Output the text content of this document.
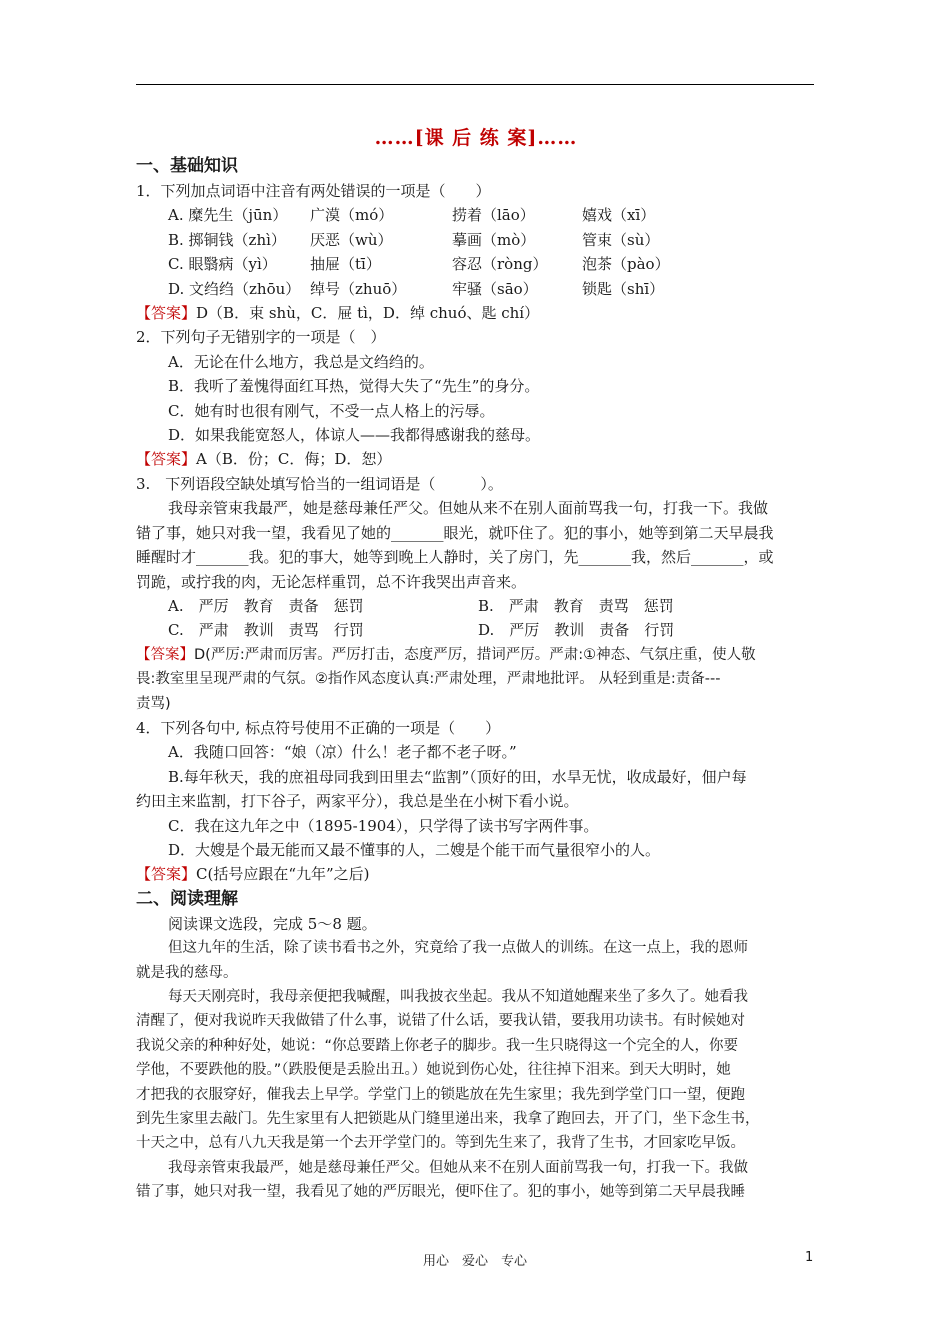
……[课 后 练 案]……
一、基础知识
1．下列加点词语中注音有两处错误的一项是（　　）
A. 糜先生（jūn） 广漠（mó）	捞着（lāo）	嬉戏（xī）
B. 掷铜钱（zhì） 厌恶（wù）	摹画（mò）	管束（sù）
C. 眼翳病（yì） 抽屉（tī）	容忍（ròng） 泡茶（pào）
D. 文绉绉（zhōu） 绰号（zhuō）	牢骚（sāo）	锁匙（shī）
【答案】D（B．束 shù，C．屉 tì，D．绰 chuó、匙 chí）
2．下列句子无错别字的一项是（　）
A．无论在什么地方，我总是文绉绉的。
B．我听了羞愧得面红耳热，觉得大失了“先生”的身分。
C．她有时也很有刚气，不受一点人格上的污辱。
D．如果我能宽怒人，体谅人——我都得感谢我的慈母。
【答案】A（B．份；C．侮；D．恕）
3.　下列语段空缺处填写恰当的一组词语是（　　　）。
我母亲管束我最严，她是慈母兼任严父。但她从来不在别人面前骂我一句，打我一下。我做
错了事，她只对我一望，我看见了她的_______眼光，就吓住了。犯的事小，她等到第二天早晨我
睡醒时才_______我。犯的事大，她等到晚上人静时，关了房门，先_______我，然后_______，或
罚跪，或拧我的肉，无论怎样重罚，总不许我哭出声音来。
A.　严厉　教育　责备　惩罚	B.　严肃　教育　责骂　惩罚
C.　严肃　教训　责骂　行罚	D.　严厉　教训　责备　行罚
【答案】D(严厉:严肃而厉害。严厉打击，态度严厉，措词严厉。严肃:①神态、气氛庄重，使人敬
畏:教室里呈现严肃的气氛。②指作风态度认真:严肃处理，严肃地批评。 从轻到重是:责备---
责骂)
4．下列各句中, 标点符号使用不正确的一项是（　　）
A．我随口回答：“娘（凉）什么！老子都不老子呀。”
B.每年秋天，我的庶祖母同我到田里去“监割”（顶好的田，水旱无忧，收成最好，佃户每
约田主来监割，打下谷子，两家平分），我总是坐在小树下看小说。
C．我在这九年之中（1895-1904），只学得了读书写字两件事。
D．大嫂是个最无能而又最不懂事的人，二嫂是个能干而气量很窄小的人。
【答案】C(括号应跟在“九年”之后)
二、阅读理解
阅读课文选段，完成 5～8 题。
但这九年的生活，除了读书看书之外，究竟给了我一点做人的训练。在这一点上，我的恩师
就是我的慈母。
每天天刚亮时，我母亲便把我喊醒，叫我披衣坐起。我从不知道她醒来坐了多久了。她看我
清醒了，便对我说昨天我做错了什么事，说错了什么话，要我认错，要我用功读书。有时候她对
我说父亲的种种好处，她说：“你总要踏上你老子的脚步。我一生只晓得这一个完全的人，你要
学他，不要跌他的股。”（跌股便是丢脸出丑。）她说到伤心处，往往掉下泪来。到天大明时，她
才把我的衣服穿好，催我去上早学。学堂门上的锁匙放在先生家里；我先到学堂门口一望，便跑
到先生家里去敲门。先生家里有人把锁匙从门缝里递出来，我拿了跑回去，开了门，坐下念生书，
十天之中，总有八九天我是第一个去开学堂门的。等到先生来了，我背了生书，才回家吃早饭。
我母亲管束我最严，她是慈母兼任严父。但她从来不在别人面前骂我一句，打我一下。我做
错了事，她只对我一望，我看见了她的严厉眼光，便吓住了。犯的事小，她等到第二天早晨我睡
用心　爱心　专心	1
